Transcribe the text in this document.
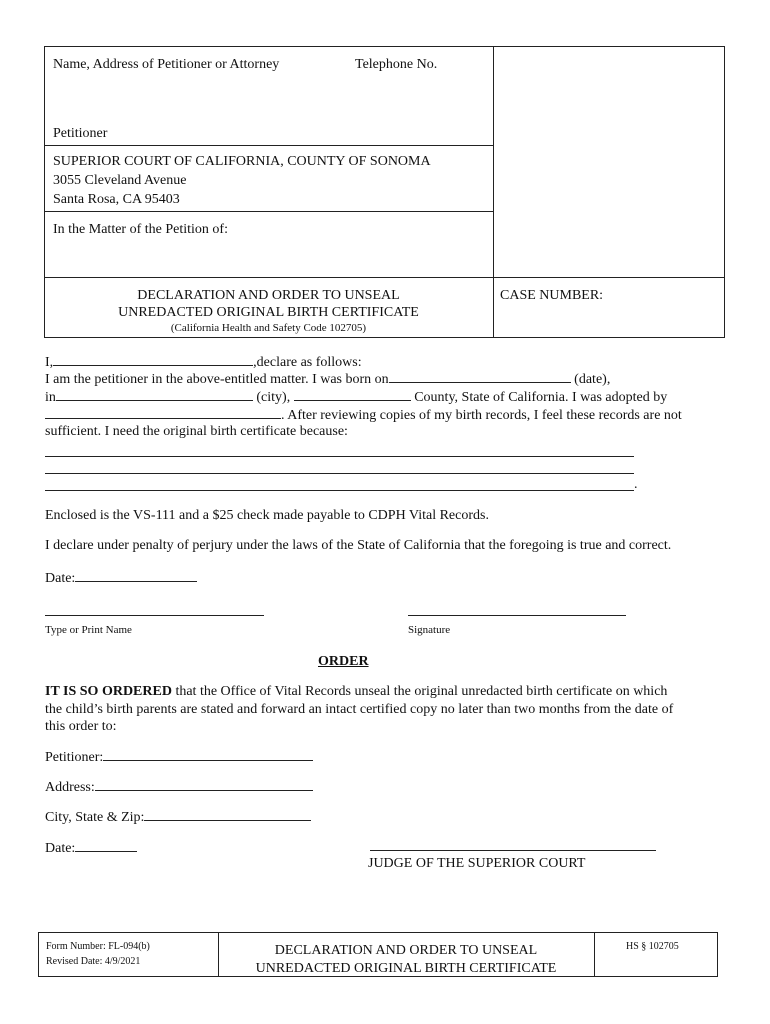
Name, Address of Petitioner or Attorney	Telephone No.
Petitioner
SUPERIOR COURT OF CALIFORNIA, COUNTY OF SONOMA
3055 Cleveland Avenue
Santa Rosa, CA 95403
In the Matter of the Petition of:
DECLARATION AND ORDER TO UNSEAL
UNREDACTED ORIGINAL BIRTH CERTIFICATE
(California Health and Safety Code 102705)
CASE NUMBER:
I,	,declare as follows:
I am the petitioner in the above-entitled matter. I was born on	(date),
in	(city),	County, State of California. I was adopted by
. After reviewing copies of my birth records, I feel these records are not
sufficient. I need the original birth certificate because:
.
Enclosed is the VS-111 and a $25 check made payable to CDPH Vital Records.
I declare under penalty of perjury under the laws of the State of California that the foregoing is true and correct.
Date:
Type or Print Name	Signature
ORDER
IT IS SO ORDERED that the Office of Vital Records unseal the original unredacted birth certificate on which
the child’s birth parents are stated and forward an intact certified copy no later than two months from the date of
this order to:
Petitioner:
Address:
City, State & Zip:
Date:
JUDGE OF THE SUPERIOR COURT
Form Number: FL-094(b)
Revised Date: 4/9/2021
DECLARATION AND ORDER TO UNSEAL
UNREDACTED ORIGINAL BIRTH CERTIFICATE
HS § 102705
